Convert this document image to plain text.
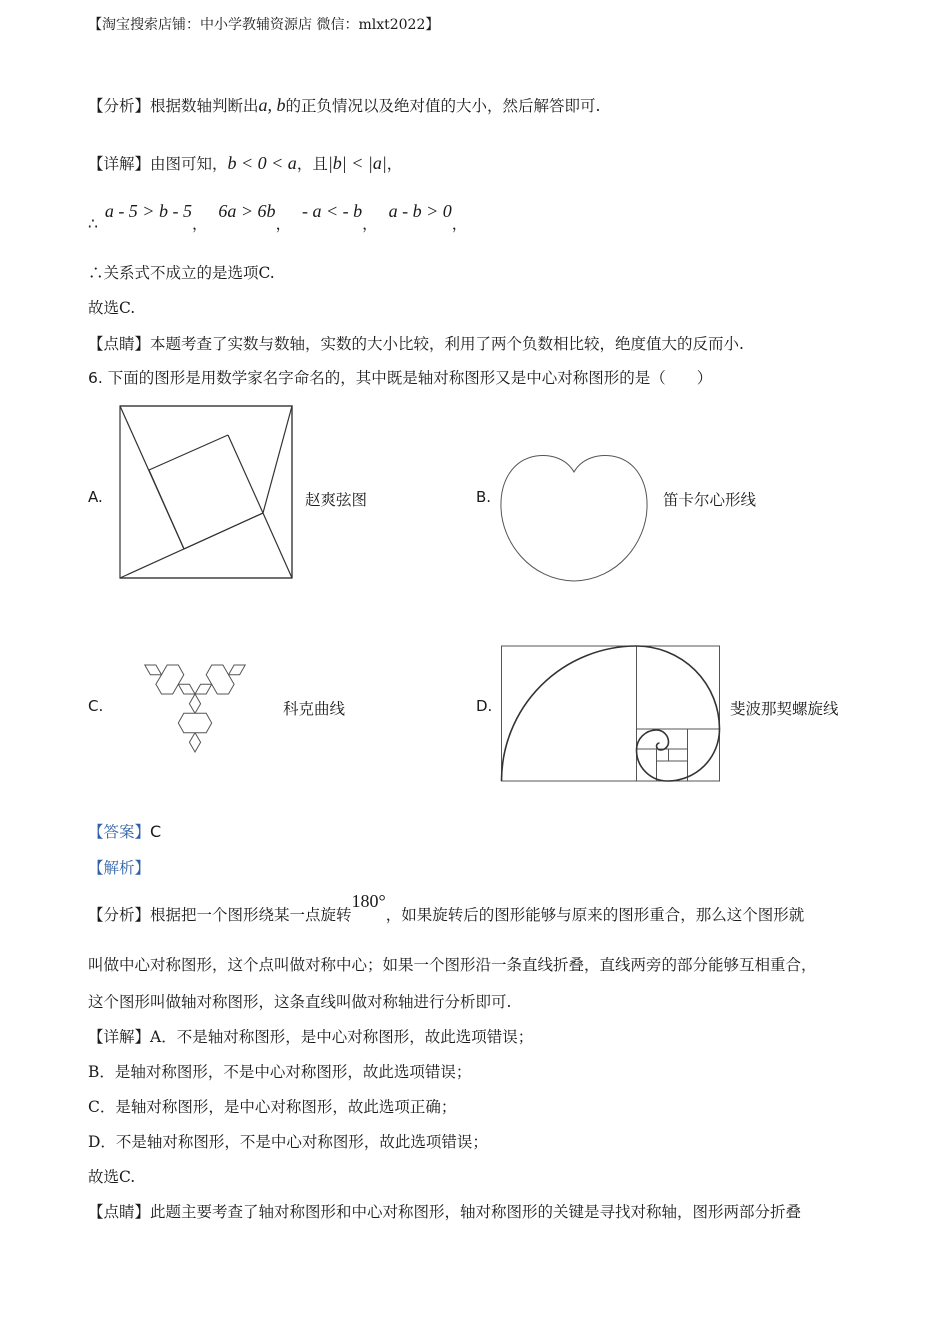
【淘宝搜索店铺：中小学教辅资源店 微信：mlxt2022】
【分析】根据数轴判断出a, b的正负情况以及绝对值的大小，然后解答即可.
【详解】由图可知，b < 0 < a，且|b| < |a|，
∴ a - 5 > b - 5， 6a > 6b， - a < - b， a - b > 0，
∴关系式不成立的是选项C.
故选C.
【点睛】本题考查了实数与数轴，实数的大小比较，利用了两个负数相比较，绝度值大的反而小.
6. 下面的图形是用数学家名字命名的，其中既是轴对称图形又是中心对称图形的是（　　）
A.	赵爽弦图	B.	笛卡尔心形线
C.	科克曲线	D.	斐波那契螺旋线
【答案】C
【解析】
【分析】根据把一个图形绕某一点旋转180°，如果旋转后的图形能够与原来的图形重合，那么这个图形就
叫做中心对称图形，这个点叫做对称中心；如果一个图形沿一条直线折叠，直线两旁的部分能够互相重合，
这个图形叫做轴对称图形，这条直线叫做对称轴进行分析即可.
【详解】A．不是轴对称图形，是中心对称图形，故此选项错误；
B．是轴对称图形，不是中心对称图形，故此选项错误；
C．是轴对称图形，是中心对称图形，故此选项正确；
D．不是轴对称图形，不是中心对称图形，故此选项错误；
故选C.
【点睛】此题主要考查了轴对称图形和中心对称图形，轴对称图形的关键是寻找对称轴，图形两部分折叠
